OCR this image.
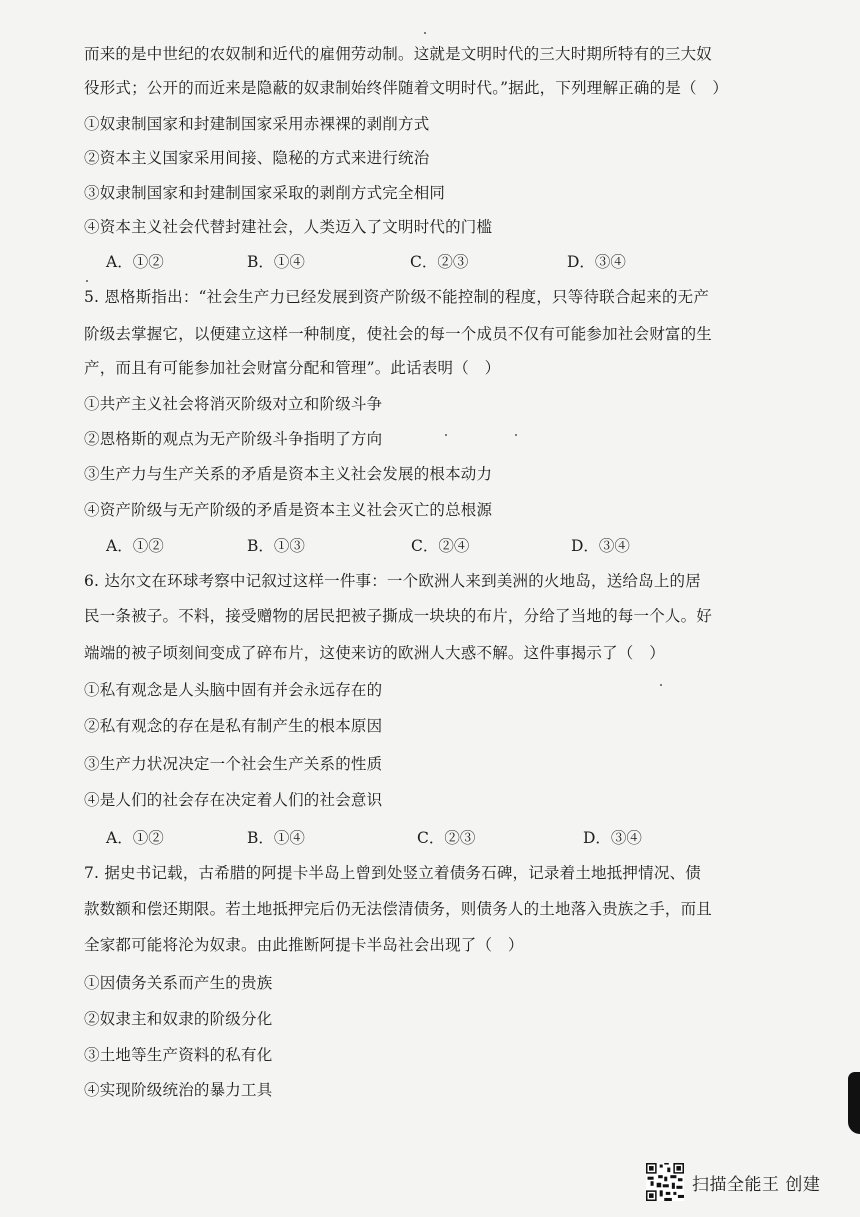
而来的是中世纪的农奴制和近代的雇佣劳动制。这就是文明时代的三大时期所特有的三大奴
役形式；公开的而近来是隐蔽的奴隶制始终伴随着文明时代。”据此，下列理解正确的是（　）
①奴隶制国家和封建制国家采用赤裸裸的剥削方式
②资本主义国家采用间接、隐秘的方式来进行统治
③奴隶制国家和封建制国家采取的剥削方式完全相同
④资本主义社会代替封建社会，人类迈入了文明时代的门槛
A．①②	B．①④	C．②③	D．③④
5. 恩格斯指出：“社会生产力已经发展到资产阶级不能控制的程度，只等待联合起来的无产
阶级去掌握它，以便建立这样一种制度，使社会的每一个成员不仅有可能参加社会财富的生
产，而且有可能参加社会财富分配和管理”。此话表明（　）
①共产主义社会将消灭阶级对立和阶级斗争
②恩格斯的观点为无产阶级斗争指明了方向
③生产力与生产关系的矛盾是资本主义社会发展的根本动力
④资产阶级与无产阶级的矛盾是资本主义社会灭亡的总根源
A．①②	B．①③	C．②④	D．③④
6. 达尔文在环球考察中记叙过这样一件事：一个欧洲人来到美洲的火地岛，送给岛上的居
民一条被子。不料，接受赠物的居民把被子撕成一块块的布片，分给了当地的每一个人。好
端端的被子顷刻间变成了碎布片，这使来访的欧洲人大惑不解。这件事揭示了（　）
①私有观念是人头脑中固有并会永远存在的
②私有观念的存在是私有制产生的根本原因
③生产力状况决定一个社会生产关系的性质
④是人们的社会存在决定着人们的社会意识
A．①②	B．①④	C．②③	D．③④
7. 据史书记载，古希腊的阿提卡半岛上曾到处竖立着债务石碑，记录着土地抵押情况、债
款数额和偿还期限。若土地抵押完后仍无法偿清债务，则债务人的土地落入贵族之手，而且
全家都可能将沦为奴隶。由此推断阿提卡半岛社会出现了（　）
①因债务关系而产生的贵族
②奴隶主和奴隶的阶级分化
③土地等生产资料的私有化
④实现阶级统治的暴力工具
扫描全能王 创建
